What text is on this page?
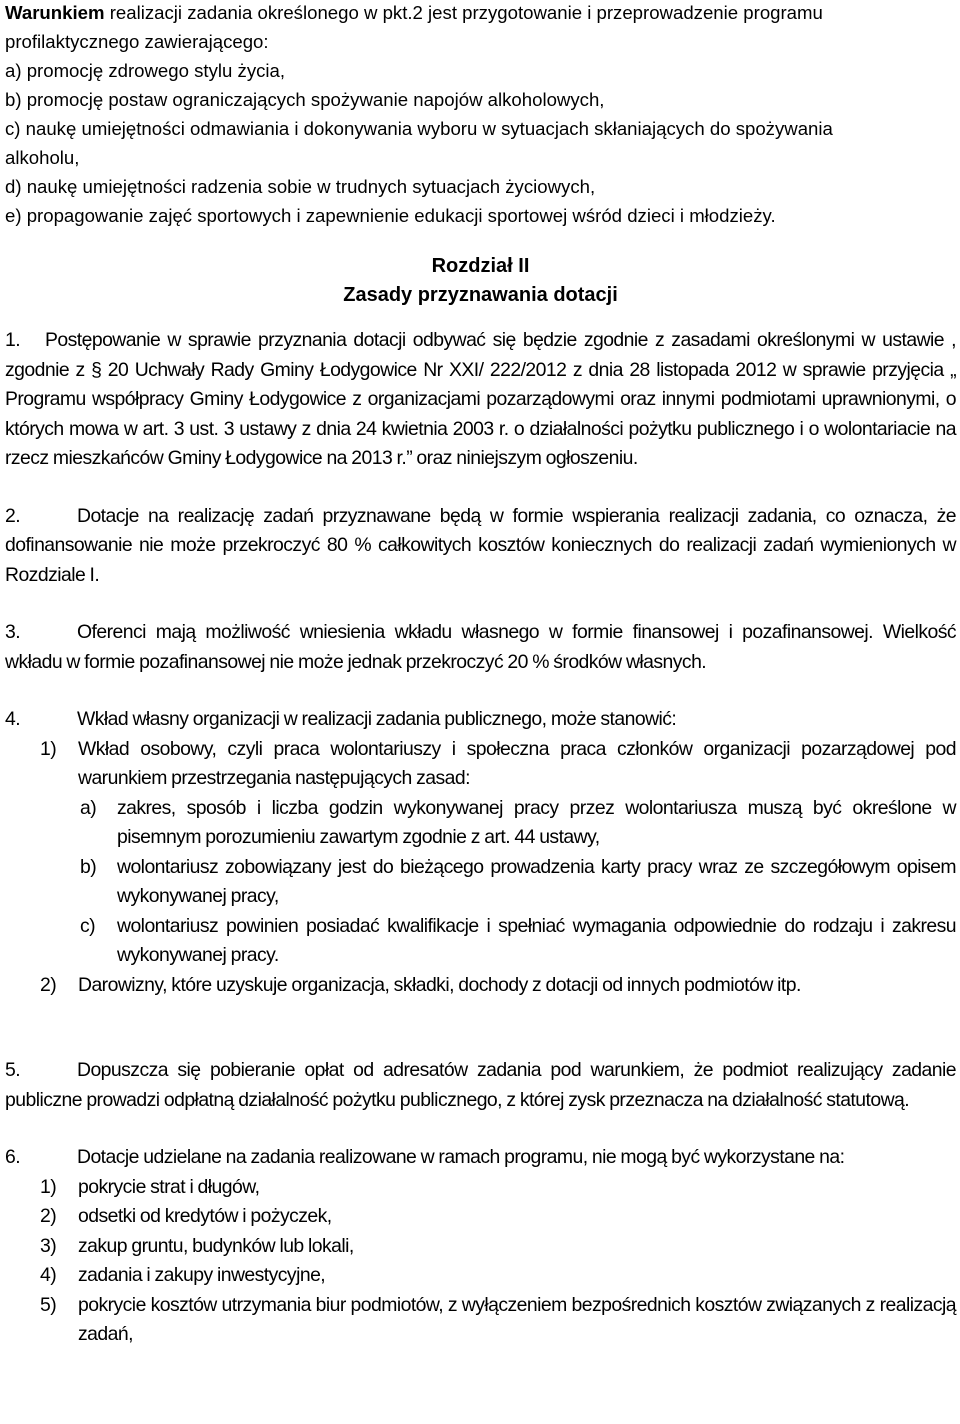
Warunkiem realizacji zadania określonego w pkt.2 jest przygotowanie i przeprowadzenie programu
profilaktycznego zawierającego:
a) promocję zdrowego stylu życia,
b) promocję postaw ograniczających spożywanie napojów alkoholowych,
c) naukę umiejętności odmawiania i dokonywania wyboru w sytuacjach skłaniających do spożywania
alkoholu,
d) naukę umiejętności radzenia sobie w trudnych sytuacjach życiowych,
e) propagowanie zajęć sportowych i zapewnienie edukacji sportowej wśród dzieci i młodzieży.
Rozdział II
Zasady przyznawania dotacji
1. Postępowanie w sprawie przyznania dotacji odbywać się będzie zgodnie z zasadami określonymi w ustawie , zgodnie z § 20 Uchwały Rady Gminy Łodygowice Nr XXI/ 222/2012 z dnia 28 listopada 2012 w sprawie przyjęcia „ Programu współpracy Gminy Łodygowice z organizacjami pozarządowymi oraz innymi podmiotami uprawnionymi, o których mowa w art. 3 ust. 3 ustawy z dnia 24 kwietnia 2003 r. o działalności pożytku publicznego i o wolontariacie na rzecz mieszkańców Gminy Łodygowice na 2013 r.” oraz niniejszym ogłoszeniu.
2.	Dotacje na realizację zadań przyznawane będą w formie wspierania realizacji zadania, co oznacza, że dofinansowanie nie może przekroczyć 80 % całkowitych kosztów koniecznych do realizacji zadań wymienionych w Rozdziale I.
3.	Oferenci mają możliwość wniesienia wkładu własnego w formie finansowej i pozafinansowej. Wielkość wkładu w formie pozafinansowej nie może jednak przekroczyć 20 % środków własnych.
4.	Wkład własny organizacji w realizacji zadania publicznego, może stanowić:
1) Wkład osobowy, czyli praca wolontariuszy i społeczna praca członków organizacji pozarządowej pod warunkiem przestrzegania następujących zasad:
a) zakres, sposób i liczba godzin wykonywanej pracy przez wolontariusza muszą być określone w pisemnym porozumieniu zawartym zgodnie z art. 44 ustawy,
b) wolontariusz zobowiązany jest do bieżącego prowadzenia karty pracy wraz ze szczegółowym opisem wykonywanej pracy,
c) wolontariusz powinien posiadać kwalifikacje i spełniać wymagania odpowiednie do rodzaju i zakresu wykonywanej pracy.
2) Darowizny, które uzyskuje organizacja, składki, dochody z dotacji od innych podmiotów itp.
5.	Dopuszcza się pobieranie opłat od adresatów zadania pod warunkiem, że podmiot realizujący zadanie publiczne prowadzi odpłatną działalność pożytku publicznego, z której zysk przeznacza na działalność statutową.
6.	Dotacje udzielane na zadania realizowane w ramach programu, nie mogą być wykorzystane na:
1) pokrycie strat i długów,
2) odsetki od kredytów i pożyczek,
3) zakup gruntu, budynków lub lokali,
4) zadania i zakupy inwestycyjne,
5) pokrycie kosztów utrzymania biur podmiotów, z wyłączeniem bezpośrednich kosztów związanych z realizacją zadań,
